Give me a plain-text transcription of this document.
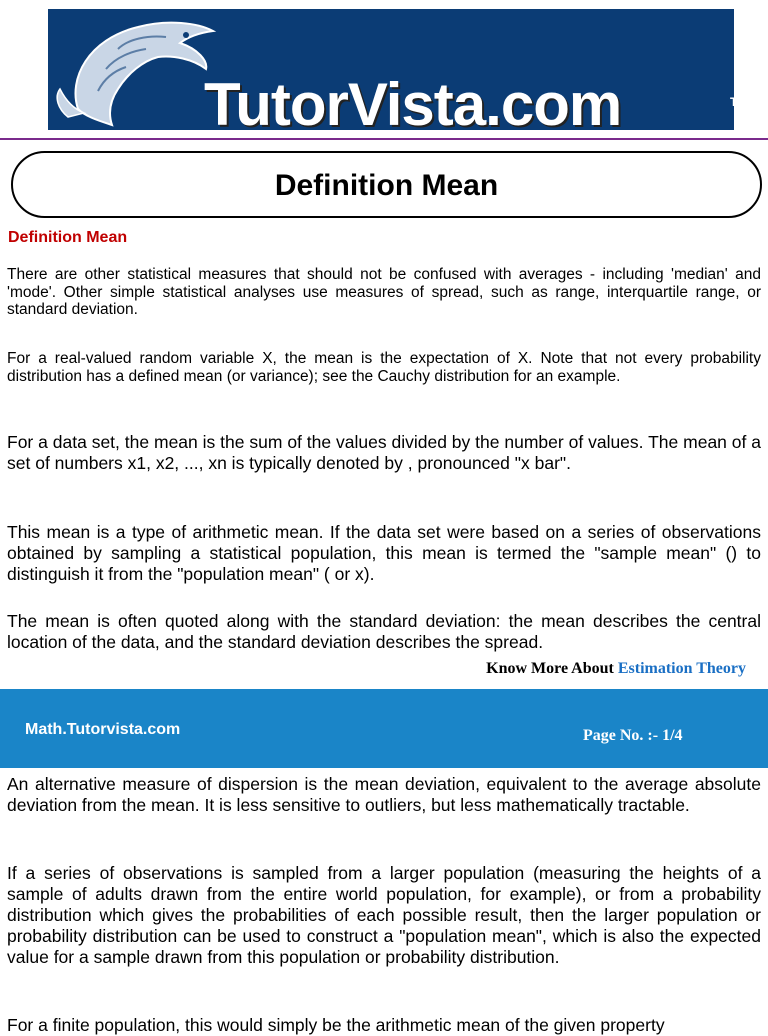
TutorVista.com	TM
Definition Mean
Definition Mean

There are other statistical measures that should not be confused with averages - including 'median' and 'mode'. Other simple statistical analyses use measures of spread, such as range, interquartile range, or standard deviation.

For a real-valued random variable X, the mean is the expectation of X. Note that not every probability distribution has a defined mean (or variance); see the Cauchy distribution for an example.

For a data set, the mean is the sum of the values divided by the number of values. The mean of a set of numbers x1, x2, ..., xn is typically denoted by , pronounced "x bar".

This mean is a type of arithmetic mean. If the data set were based on a series of observations obtained by sampling a statistical population, this mean is termed the "sample mean" () to distinguish it from the "population mean" ( or x).

The mean is often quoted along with the standard deviation: the mean describes the central location of the data, and the standard deviation describes the spread.

Know More About Estimation Theory
Math.Tutorvista.com	Page No. :- 1/4

An alternative measure of dispersion is the mean deviation, equivalent to the average absolute deviation from the mean. It is less sensitive to outliers, but less mathematically tractable.

If a series of observations is sampled from a larger population (measuring the heights of a sample of adults drawn from the entire world population, for example), or from a probability distribution which gives the probabilities of each possible result, then the larger population or probability distribution can be used to construct a "population mean", which is also the expected value for a sample drawn from this population or probability distribution.

For a finite population, this would simply be the arithmetic mean of the given property
